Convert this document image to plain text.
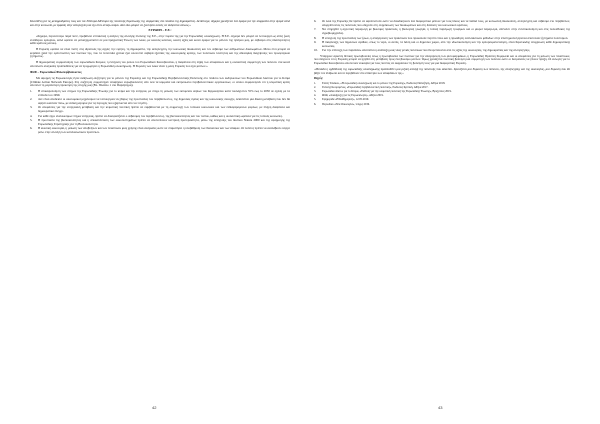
Κλεισθένη για τις μεταρρυθμίσεις τους και τον Νέστορα-Μέντορα της πολιτικής θεμελίωσης της ισορροπίας στο πλαίσιο της δημοκρατίας. Αντίστοιχα, σήμερα χρειάζεται ένα όραμα για την ισορροπία στην αγορά αλλά και στην κοινωνία, με έμφαση στην αλληλεγγύη και όχι στον ανταγωνισμό. Από εδώ μπορεί να ξεκινήσει κανείς να σκέφτεται αλλιώς.»

ΕΥΡΩΠΗ – Ε.Ε.:

«Σήμερα, περισσότερο παρά ποτέ, προβάλλει επιτακτική η ανάγκη της αλλαγής πλεύσης της Ε.Ε., στην πορεία της για την Ευρωπαϊκή ολοκλήρωση. Η Ε.Ε. σήμερα δεν μπορεί να λειτουργεί ως απλή ζώνη ελεύθερου εμπορίου, αλλά οφείλει να μετασχηματιστεί σε μια πραγματική Ένωση των λαών, με κοινούς κανόνες, κοινές αξίες και κοινό όραμα για το μέλλον της ηπείρου μας, με σεβασμό στις ιδιαιτερότητες κάθε κράτους μέλους.

Η Ευρώπη οφείλει να είναι πιστή στις ιδρυτικές της αρχές: την ειρήνη, τη δημοκρατία, την αλληλεγγύη, την κοινωνική δικαιοσύνη και τον σεβασμό των ανθρωπίνων δικαιωμάτων. Μόνο έτσι μπορεί να κερδίσει ξανά την εμπιστοσύνη των πολιτών της, που τα τελευταία χρόνια έχει κλονιστεί σοβαρά εξαιτίας της οικονομικής κρίσης, των πολιτικών λιτότητας και της αδυναμίας διαχείρισης του προσφυγικού ζητήματος.

Η δημοκρατική νομιμοποίηση των ευρωπαϊκών θεσμών, η ενίσχυση του ρόλου του Ευρωπαϊκού Κοινοβουλίου, η διαφάνεια στη λήψη των αποφάσεων και η ουσιαστική συμμετοχή των πολιτών στα κοινά αποτελούν αναγκαίες προϋποθέσεις για να προχωρήσει η Ευρωπαϊκή ολοκλήρωση. Η Ευρώπη των λαών είναι η μόνη Ευρώπη που έχει μέλλον.»

ΦπΦ – Ευρωπαϊκοί Φιλοπερίβαλλοντες

Με αφορμή τις Ευρωεκλογές έγινε εκδήλωση-συζήτηση για το μέλλον της Ευρώπης και της Ευρωπαϊκής Περιβαλλοντικής Πολιτικής στο πλαίσιο των εκδηλώσεων του Ευρωπαϊκού Δικτύου για το Κλίμα (Climate Action Network Europe). Στη συζήτηση συμμετείχαν υποψήφιοι ευρωβουλευτές από όλα τα κόμματα και εκπρόσωποι περιβαλλοντικών οργανώσεων, οι οποίοι συμφώνησαν ότι η κλιματική κρίση αποτελεί τη μεγαλύτερη πρόκληση της εποχής μας (Βλ. Πλαίσιο 1 στο Παράρτημα).

1. Η επικαιροποίηση των στόχων της Ευρωπαϊκής Ένωσης για το κλίμα και την ενέργεια, με στόχο τη μείωση των εκπομπών αερίων του θερμοκηπίου κατά τουλάχιστον 55% έως το 2030 σε σχέση με τα επίπεδα του 1990.
2. Δεν είναι αποδεκτό οι οικονομικοί μηχανισμοί να λειτουργούν εις βάρος της προστασίας του περιβάλλοντος, της δημόσιας υγείας και της κοινωνικής συνοχής. Απαιτείται μια δίκαιη μετάβαση που δεν θα αφήνει κανέναν πίσω, με ειδική μέριμνα για τις περιοχές που εξαρτώνται από τον λιγνίτη.
3. Οι αποφάσεις για την ενεργειακή μετάβαση και την κλιματική πολιτική πρέπει να λαμβάνονται με τη συμμετοχή των τοπικών κοινωνιών και των ενδιαφερόμενων φορέων, με πλήρη διαφάνεια και δημοκρατικό έλεγχο.
4. Για κάθε έργο ανανεώσιμων πηγών ενέργειας, πρέπει να διασφαλίζεται ο σεβασμός του περιβάλλοντος, της βιοποικιλότητας και του τοπίου, καθώς και η ουσιαστική ωφέλεια για τις τοπικές κοινωνίες.
5. Η προστασία της βιοποικιλότητας και η αποκατάσταση των οικοσυστημάτων πρέπει να αποτελέσουν κεντρική προτεραιότητα, μέσω της ενίσχυσης του δικτύου Natura 2000 και της εφαρμογής της Ευρωπαϊκής Στρατηγικής για τη Βιοποικιλότητα.
6. Η κυκλική οικονομία, η μείωση των αποβλήτων και των πλαστικών μιας χρήσης είναι αναγκαίες ώστε να σταματήσει η υποβάθμιση των θαλασσών και των εδαφών. Οι πολίτες πρέπει να αναλάβουν ενεργό ρόλο στην αλλαγή των καταναλωτικών προτύπων.
42
6. Οι λαοί της Ευρώπης θα πρέπει να αφυπνιστούν ώστε να διεκδικήσουν ένα διαφορετικό μέλλον για τους ίδιους και τα παιδιά τους, με κοινωνική δικαιοσύνη, αλληλεγγύη και σεβασμό στο περιβάλλον, απορρίπτοντας τις πολιτικές που οδηγούν στη συρρίκνωση των δικαιωμάτων και στη διάλυση του κοινωνικού κράτους.
7. Να στηριχθεί η αγροτική παραγωγή με βιώσιμες πρακτικές, η βιολογική γεωργία, η τοπική παραγωγή τροφίμων και οι μικροί παραγωγοί, απέναντι στην εντατικοποίηση και στις πολυεθνικές της αγροβιομηχανίας.
8. Η ενίσχυση της προστασίας των ζώων, η απαγόρευση των πρακτικών που προκαλούν περιττό πόνο και η προώθηση εναλλακτικών μεθόδων στην επιστημονική έρευνα αποτελούν ζητήματα πολιτισμού.
9. Η διαφύλαξη των δημόσιων αγαθών, όπως το νερό, οι ακτές, τα δάση και οι δημόσιοι χώροι, από την ιδιωτικοποίηση και την εμπορευματοποίηση, είναι θεμελιώδης υποχρέωση κάθε δημοκρατικής κοινωνίας.
10. Για την επίτευξη των παραπάνω απαιτείται η ανάδειξη μιας νέας γενιάς πολιτικών που θα εμπνέονται από τις αξίες της οικολογίας, της δημοκρατίας και της αλληλεγγύης.

Υπάρχουν αρκετές θετικές πρωτοβουλίες όπως η πρωτοβουλία των πολιτών για την απαγόρευση των φυτοφαρμάκων, η Ευρωπαϊκή Πράσινη Συμφωνία και οι αποφάσεις για τη μείωση των πλαστικών, που δείχνουν ότι η Ευρώπη μπορεί να ηγηθεί στη μετάβαση προς ένα βιώσιμο μέλλον. Όμως χρειάζεται πολιτική βούληση και συμμετοχή των πολιτών ώστε οι δεσμεύσεις να γίνουν πράξη. Οι εκλογές για το Ευρωπαϊκό Κοινοβούλιο αποτελούν ευκαιρία για τους πολίτες να εκφράσουν τη βούλησή τους για μια διαφορετική Ευρώπη.

«Μονάδα η εμβάθυνση της ευρωπαϊκής ολοκλήρωσης προϋποθέτει μια ριζική αλλαγή της πολιτικής που ασκείται. Χρειάζεται μια Ευρώπη των πολιτών, της αλληλεγγύης και της οικολογίας, μια Ευρώπη που θα βάζει τον άνθρωπο και το περιβάλλον στο επίκεντρο των αποφάσεων της.»

Πηγές:
1. Ελένη Τσιάκου, «Η ευρωπαϊκή ολοκλήρωση και το μέλλον της Ευρώπης», Εκδόσεις Παπαζήση, Αθήνα 2018.
2. Γιάννης Κουρεμένος, «Ευρωπαϊκή περιβαλλοντική πολιτική», Εκδόσεις Κριτική, Αθήνα 2017.
3. Ευρωπαϊκό Δίκτυο για το Κλίμα, «Έκθεση για την κλιματική πολιτική της Ευρωπαϊκής Ένωσης», Βρυξέλλες 2019.
4. ΦπΦ, «Διακήρυξη για τις Ευρωεκλογές», Αθήνα 2019.
5. Εφημερίδα «Η Καθημερινή», 12.05.2019.
6. Περιοδικό «Νέα Οικολογία», τεύχος 2019.
43
